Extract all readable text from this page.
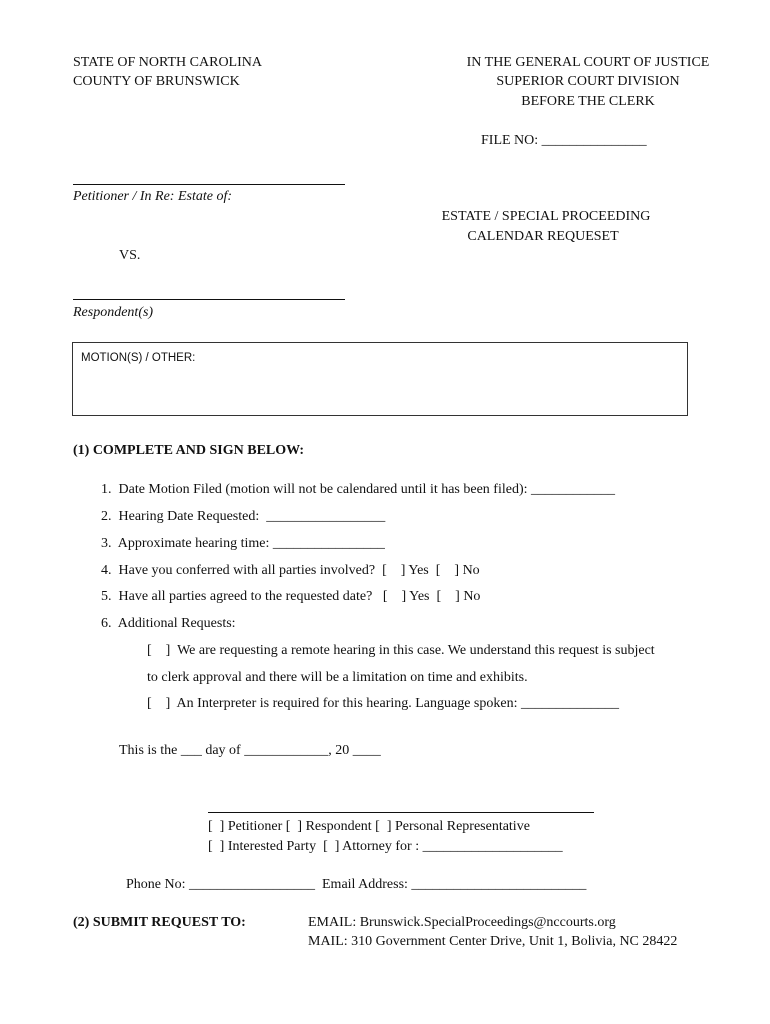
STATE OF NORTH CAROLINA
COUNTY OF BRUNSWICK
IN THE GENERAL COURT OF JUSTICE
SUPERIOR COURT DIVISION
BEFORE THE CLERK
FILE NO: _______________
Petitioner / In Re: Estate of:
ESTATE / SPECIAL PROCEEDING
CALENDAR REQUESET
VS.
Respondent(s)
MOTION(S) / OTHER:
(1) COMPLETE AND SIGN BELOW:
1.  Date Motion Filed (motion will not be calendared until it has been filed): ____________
2.  Hearing Date Requested:  _________________
3.  Approximate hearing time: ________________
4.  Have you conferred with all parties involved?  [    ] Yes  [    ] No
5.  Have all parties agreed to the requested date?   [    ] Yes  [    ] No
6.  Additional Requests:
[    ]  We are requesting a remote hearing in this case. We understand this request is subject
to clerk approval and there will be a limitation on time and exhibits.
[    ]  An Interpreter is required for this hearing. Language spoken: ______________
This is the ___ day of ____________, 20 ____
[  ] Petitioner [  ] Respondent [  ] Personal Representative
[  ] Interested Party  [  ] Attorney for : ____________________
Phone No: __________________  Email Address: _________________________
(2) SUBMIT REQUEST TO:	EMAIL: Brunswick.SpecialProceedings@nccourts.org
MAIL: 310 Government Center Drive, Unit 1, Bolivia, NC 28422
